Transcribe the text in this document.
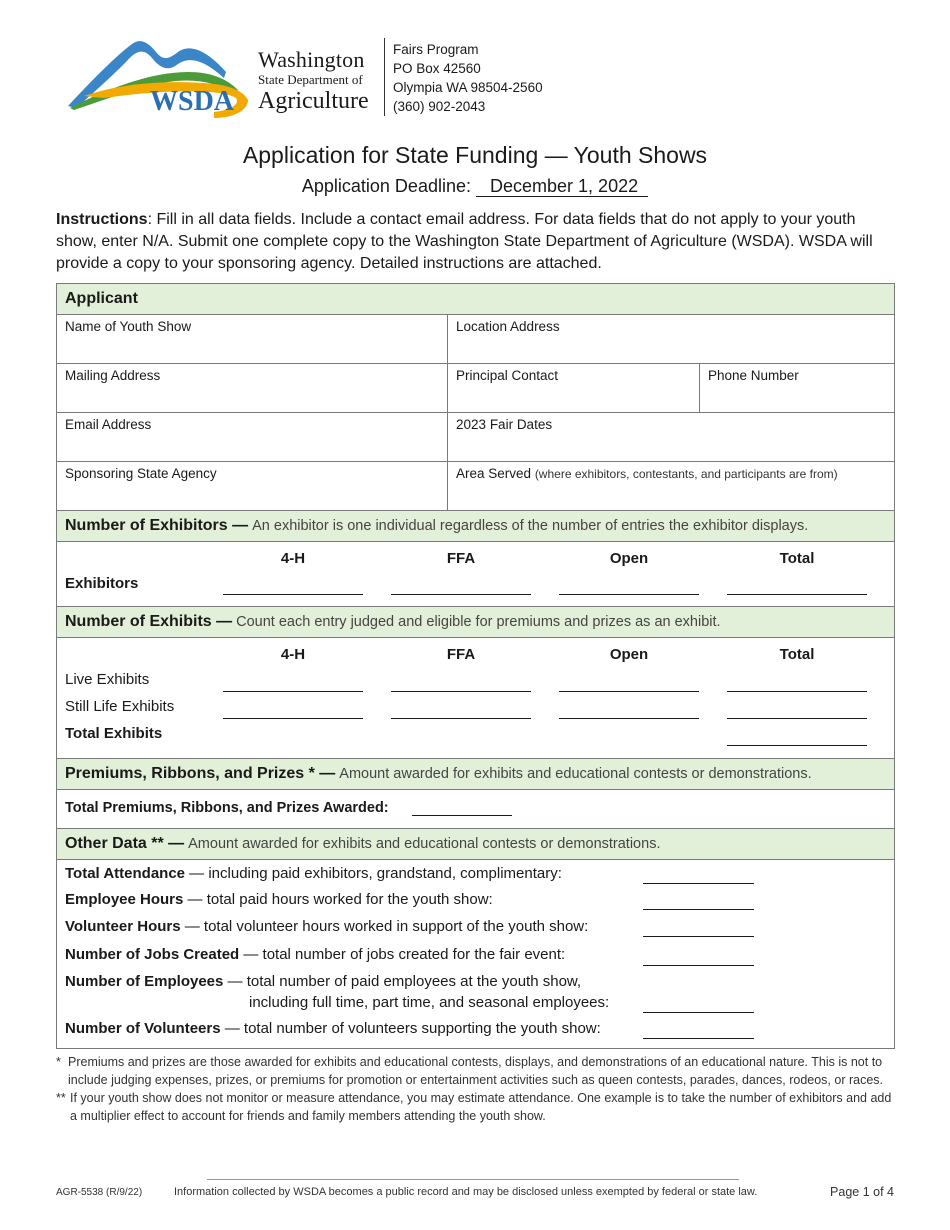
WSDA
Washington
State Department of
Agriculture
Fairs Program
PO Box 42560
Olympia WA 98504-2560
(360) 902-2043
Application for State Funding — Youth Shows
Application Deadline: December 1, 2022
Instructions: Fill in all data fields. Include a contact email address. For data fields that do not apply to your youth show, enter N/A. Submit one complete copy to the Washington State Department of Agriculture (WSDA). WSDA will provide a copy to your sponsoring agency. Detailed instructions are attached.
Applicant
Name of Youth Show	Location Address
Mailing Address	Principal Contact	Phone Number
Email Address	2023 Fair Dates
Sponsoring State Agency	Area Served (where exhibitors, contestants, and participants are from)
Number of Exhibitors — An exhibitor is one individual regardless of the number of entries the exhibitor displays.
4-H	FFA	Open	Total
Exhibitors
Number of Exhibits — Count each entry judged and eligible for premiums and prizes as an exhibit.
4-H	FFA	Open	Total
Live Exhibits
Still Life Exhibits
Total Exhibits
Premiums, Ribbons, and Prizes * — Amount awarded for exhibits and educational contests or demonstrations.
Total Premiums, Ribbons, and Prizes Awarded:
Other Data ** — Amount awarded for exhibits and educational contests or demonstrations.
Total Attendance — including paid exhibitors, grandstand, complimentary:
Employee Hours — total paid hours worked for the youth show:
Volunteer Hours — total volunteer hours worked in support of the youth show:
Number of Jobs Created — total number of jobs created for the fair event:
Number of Employees — total number of paid employees at the youth show,
including full time, part time, and seasonal employees:
Number of Volunteers — total number of volunteers supporting the youth show:
* Premiums and prizes are those awarded for exhibits and educational contests, displays, and demonstrations of an educational nature. This is not to include judging expenses, prizes, or premiums for promotion or entertainment activities such as queen contests, parades, dances, rodeos, or races.
** If your youth show does not monitor or measure attendance, you may estimate attendance. One example is to take the number of exhibitors and add a multiplier effect to account for friends and family members attending the youth show.
AGR-5538 (R/9/22)	Information collected by WSDA becomes a public record and may be disclosed unless exempted by federal or state law.	Page 1 of 4
